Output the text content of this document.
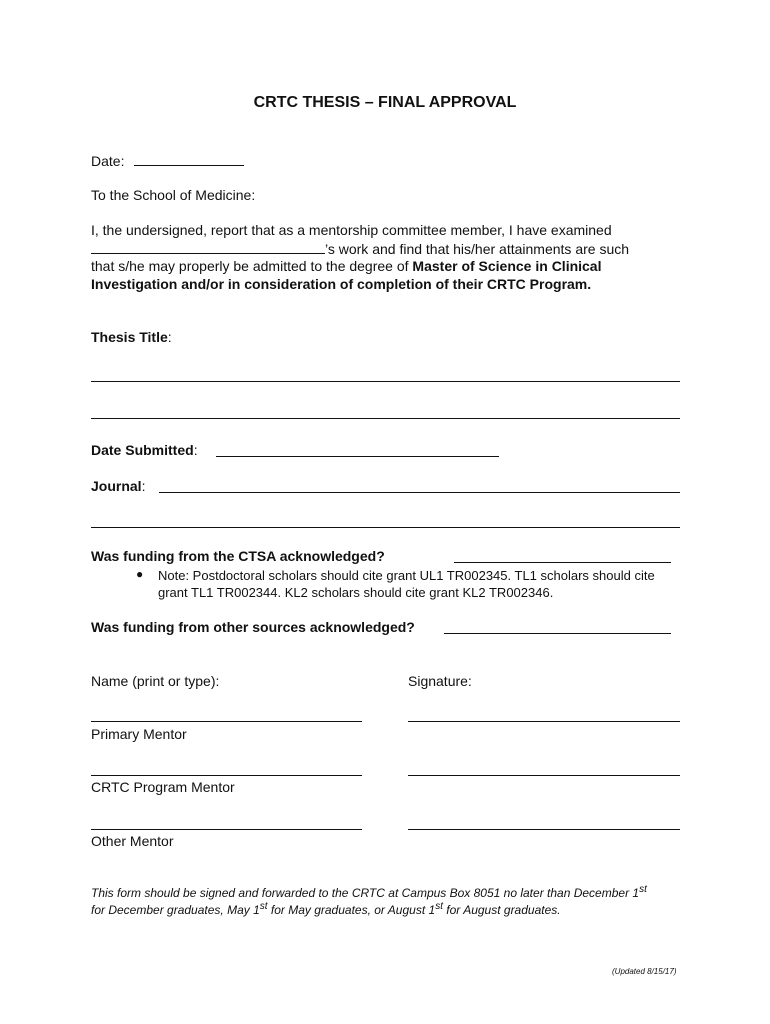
CRTC THESIS – FINAL APPROVAL
Date:
To the School of Medicine:
I, the undersigned, report that as a mentorship committee member, I have examined
’s work and find that his/her attainments are such
that s/he may properly be admitted to the degree of Master of Science in Clinical
Investigation and/or in consideration of completion of their CRTC Program.
Thesis Title:
Date Submitted:
Journal:
Was funding from the CTSA acknowledged?
● Note: Postdoctoral scholars should cite grant UL1 TR002345. TL1 scholars should cite grant TL1 TR002344. KL2 scholars should cite grant KL2 TR002346.
Was funding from other sources acknowledged?
Name (print or type):	Signature:
Primary Mentor
CRTC Program Mentor
Other Mentor
This form should be signed and forwarded to the CRTC at Campus Box 8051 no later than December 1st
for December graduates, May 1st for May graduates, or August 1st for August graduates.
(Updated 8/15/17)
